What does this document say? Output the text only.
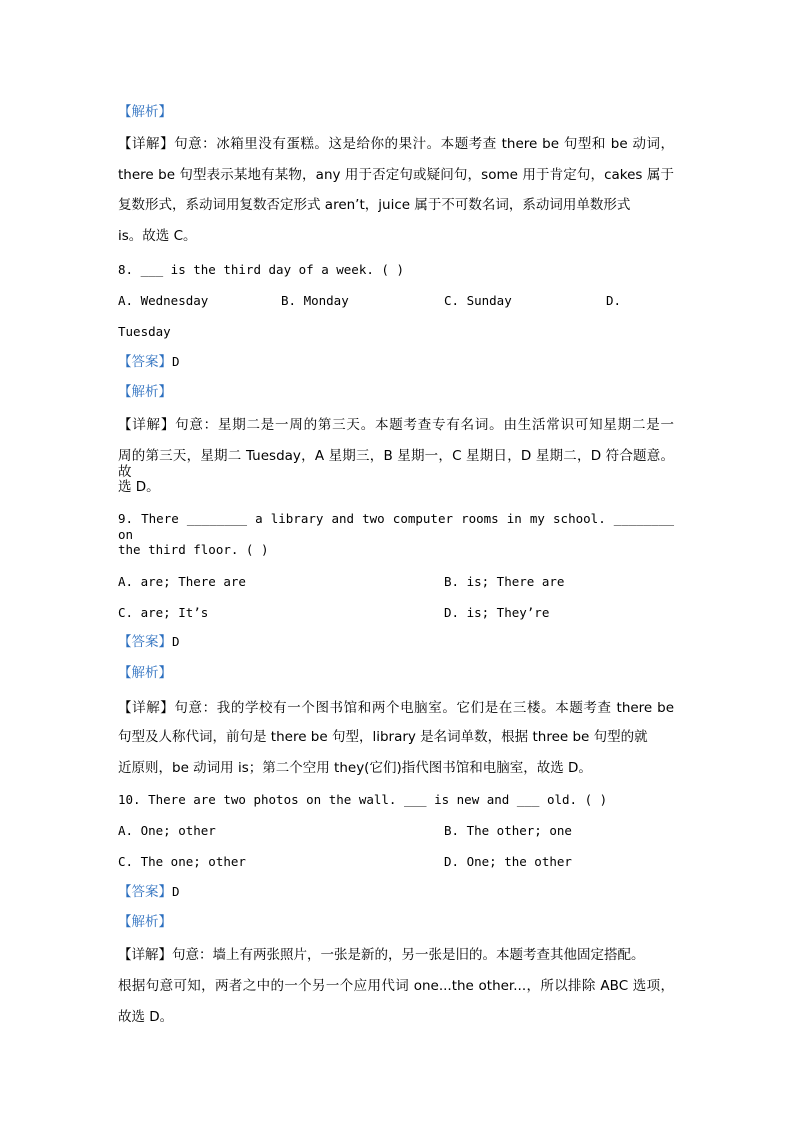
【解析】
【详解】句意：冰箱里没有蛋糕。这是给你的果汁。本题考查 there be 句型和 be 动词，
there be 句型表示某地有某物，any 用于否定句或疑问句，some 用于肯定句，cakes 属于
复数形式，系动词用复数否定形式 aren’t，juice 属于不可数名词，系动词用单数形式
is。故选 C。
8. ___ is the third day of a week. ( )
A. Wednesday	B. Monday	C. Sunday	D.
Tuesday
【答案】D
【解析】
【详解】句意：星期二是一周的第三天。本题考查专有名词。由生活常识可知星期二是一
周的第三天，星期二 Tuesday，A 星期三，B 星期一，C 星期日，D 星期二，D 符合题意。故
选 D。
9. There ________ a library and two computer rooms in my school. ________ on
the third floor. ( )
A. are; There are	B. is; There are
C. are; It’s	D. is; They’re
【答案】D
【解析】
【详解】句意：我的学校有一个图书馆和两个电脑室。它们是在三楼。本题考查 there be
句型及人称代词，前句是 there be 句型，library 是名词单数，根据 three be 句型的就
近原则，be 动词用 is；第二个空用 they(它们)指代图书馆和电脑室，故选 D。
10. There are two photos on the wall. ___ is new and ___ old. ( )
A. One; other	B. The other; one
C. The one; other	D. One; the other
【答案】D
【解析】
【详解】句意：墙上有两张照片，一张是新的，另一张是旧的。本题考查其他固定搭配。
根据句意可知，两者之中的一个另一个应用代词 one...the other...，所以排除 ABC 选项，
故选 D。
